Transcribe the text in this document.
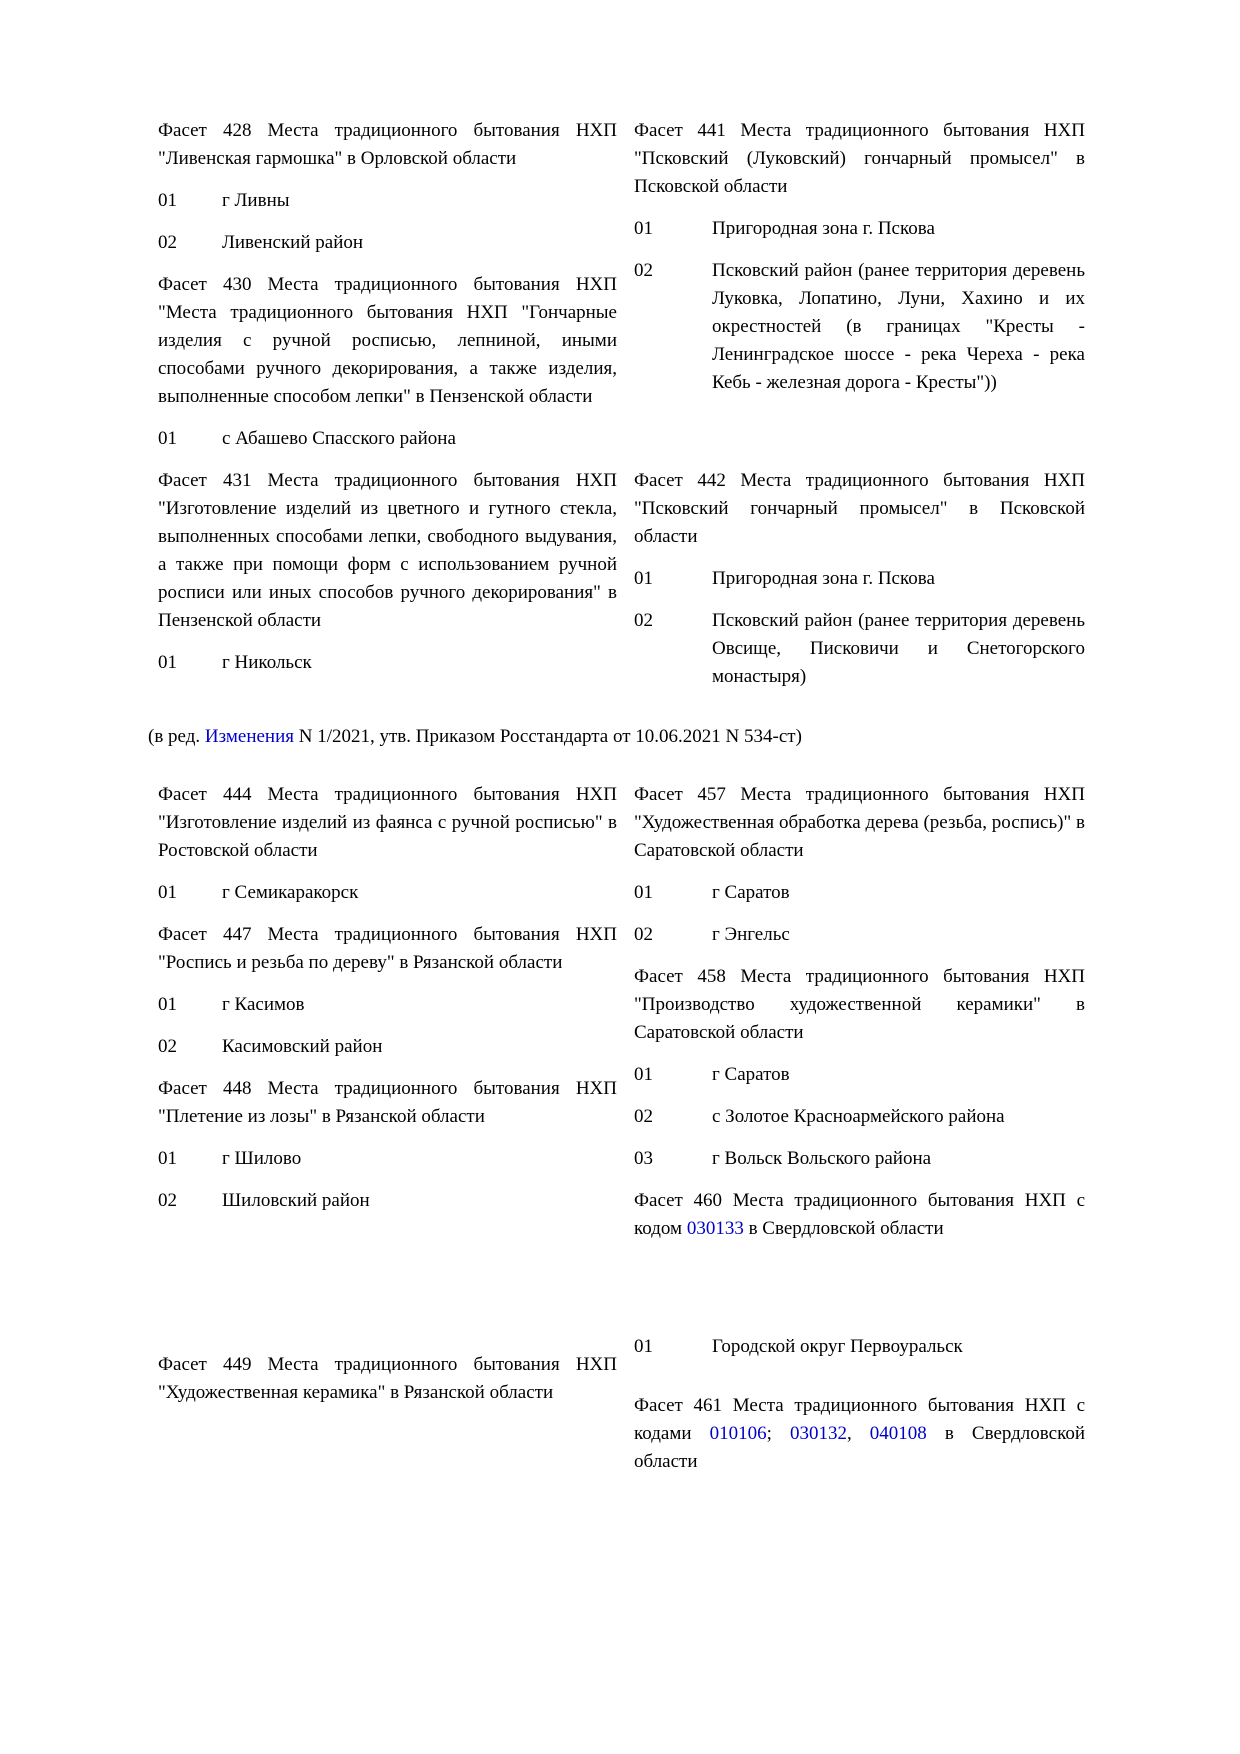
Фасет 428 Места традиционного бытования НХП "Ливенская гармошка" в Орловской области

01 г Ливны
02 Ливенский район

Фасет 430 Места традиционного бытования НХП "Места традиционного бытования НХП "Гончарные изделия с ручной росписью, лепниной, иными способами ручного декорирования, а также изделия, выполненные способом лепки" в Пензенской области

01 с Абашево Спасского района

Фасет 431 Места традиционного бытования НХП "Изготовление изделий из цветного и гутного стекла, выполненных способами лепки, свободного выдувания, а также при помощи форм с использованием ручной росписи или иных способов ручного декорирования" в Пензенской области

01 г Никольск

Фасет 441 Места традиционного бытования НХП "Псковский (Луковский) гончарный промысел" в Псковской области

01	Пригородная зона г. Пскова
02	Псковский район (ранее территория деревень Луковка, Лопатино, Луни, Хахино и их окрестностей (в границах "Кресты - Ленинградское шоссе - река Череха - река Кебь - железная дорога - Кресты"))

Фасет 442 Места традиционного бытования НХП "Псковский гончарный промысел" в Псковской области

01	Пригородная зона г. Пскова
02	Псковский район (ранее территория деревень Овсище, Писковичи и Снетогорского монастыря)

(в ред. Изменения N 1/2021, утв. Приказом Росстандарта от 10.06.2021 N 534-ст)

Фасет 444 Места традиционного бытования НХП "Изготовление изделий из фаянса с ручной росписью" в Ростовской области

01 г Семикаракорск

Фасет 447 Места традиционного бытования НХП "Роспись и резьба по дереву" в Рязанской области

01 г Касимов
02 Касимовский район

Фасет 448 Места традиционного бытования НХП "Плетение из лозы" в Рязанской области

01 г Шилово
02 Шиловский район

Фасет 449 Места традиционного бытования НХП "Художественная керамика" в Рязанской области

Фасет 457 Места традиционного бытования НХП "Художественная обработка дерева (резьба, роспись)" в Саратовской области

01	г Саратов
02	г Энгельс

Фасет 458 Места традиционного бытования НХП "Производство художественной керамики" в Саратовской области

01	г Саратов
02	с Золотое Красноармейского района
03	г Вольск Вольского района

Фасет 460 Места традиционного бытования НХП с кодом 030133 в Свердловской области

01	Городской округ Первоуральск

Фасет 461 Места традиционного бытования НХП с кодами 010106; 030132, 040108 в Свердловской области
